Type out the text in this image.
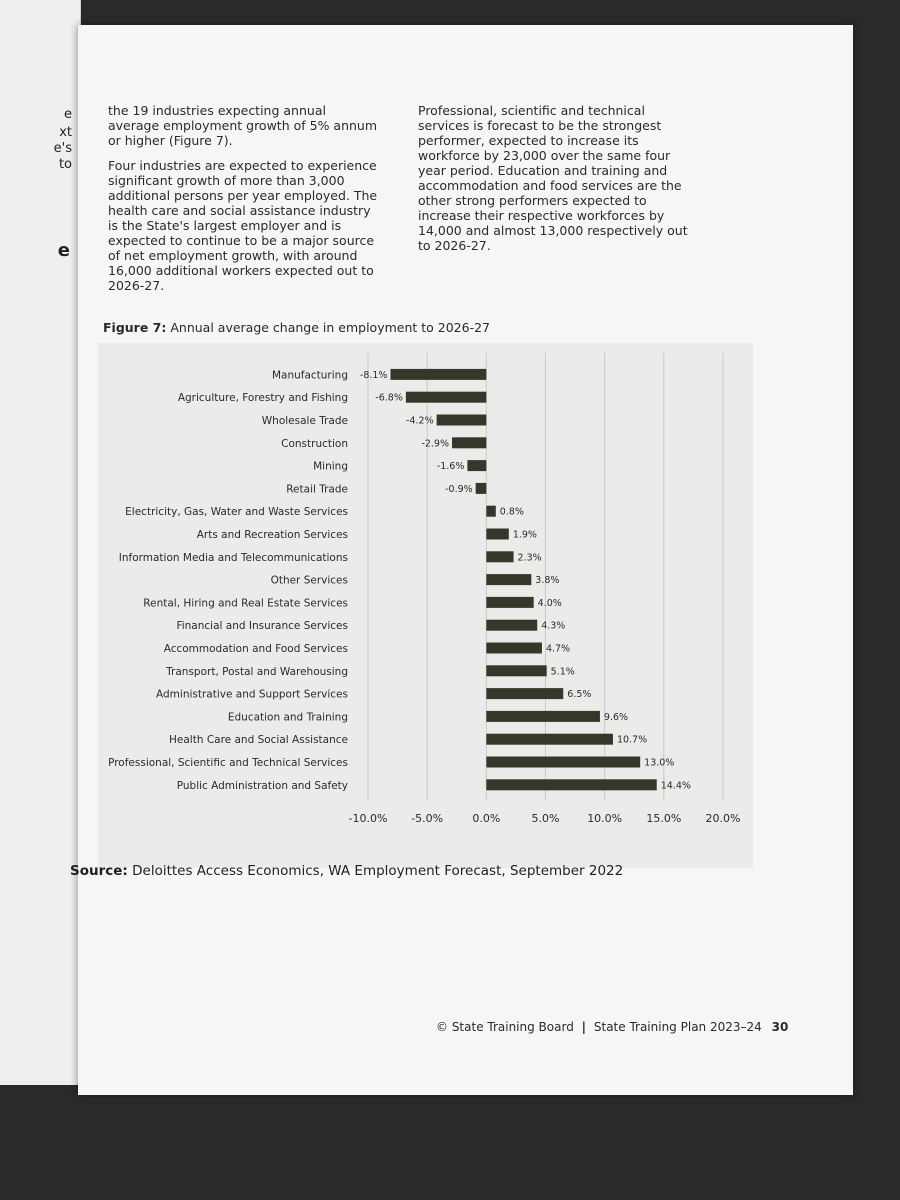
e
xt
e's
to
e

the 19 industries expecting annual average employment growth of 5% annum or higher (Figure 7).

Four industries are expected to experience significant growth of more than 3,000 additional persons per year employed. The health care and social assistance industry is the State's largest employer and is expected to continue to be a major source of net employment growth, with around 16,000 additional workers expected out to 2026-27.

Professional, scientific and technical services is forecast to be the strongest performer, expected to increase its workforce by 23,000 over the same four year period. Education and training and accommodation and food services are the other strong performers expected to increase their respective workforces by 14,000 and almost 13,000 respectively out to 2026-27.

Figure 7: Annual average change in employment to 2026-27
Manufacturing -8.1%
Agriculture, Forestry and Fishing	-6.8%
Wholesale Trade	-4.2%
Construction	-2.9%
Mining	-1.6%
Retail Trade	-0.9%
Electricity, Gas, Water and Waste Services	0.8%
Arts and Recreation Services	1.9%
Information Media and Telecommunications	2.3%
Other Services	3.8%
Rental, Hiring and Real Estate Services	4.0%
Financial and Insurance Services	4.3%
Accommodation and Food Services	4.7%
Transport, Postal and Warehousing	5.1%
Administrative and Support Services	6.5%
Education and Training	9.6%
Health Care and Social Assistance	10.7%
Professional, Scientific and Technical Services	13.0%
Public Administration and Safety	14.4%
-10.0% -5.0%	0.0%	5.0%	10.0% 15.0% 20.0%
Source: Deloittes Access Economics, WA Employment Forecast, September 2022
© State Training Board | State Training Plan 2023–24 30
